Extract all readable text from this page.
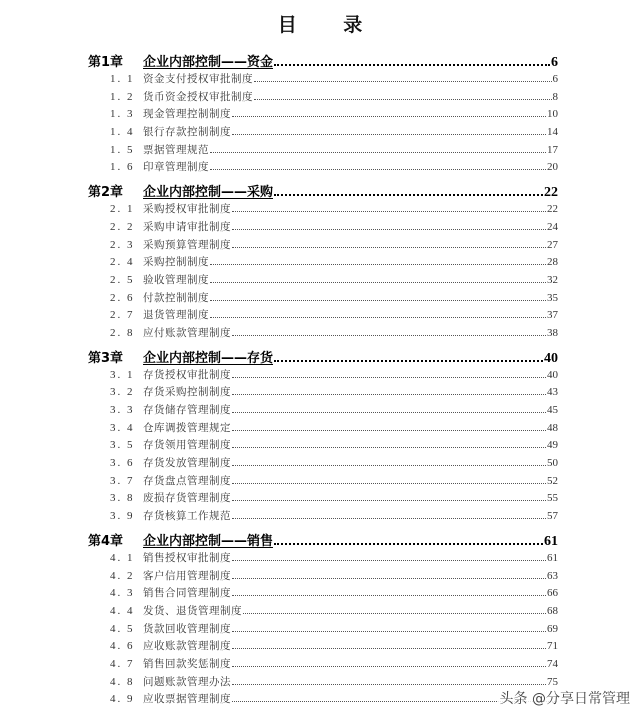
目 录
第1章	企业内部控制——资金	6
1. 1 资金支付授权审批制度	6
1. 2 货币资金授权审批制度	8
1. 3 现金管理控制制度	10
1. 4 银行存款控制制度	14
1. 5 票据管理规范	17
1. 6 印章管理制度	20
第2章	企业内部控制——采购	22
2. 1 采购授权审批制度	22
2. 2 采购申请审批制度	24
2. 3 采购预算管理制度	27
2. 4 采购控制制度	28
2. 5 验收管理制度	32
2. 6 付款控制制度	35
2. 7 退货管理制度	37
2. 8 应付账款管理制度	38
第3章	企业内部控制——存货	40
3. 1 存货授权审批制度	40
3. 2 存货采购控制制度	43
3. 3 存货储存管理制度	45
3. 4 仓库调拨管理规定	48
3. 5 存货领用管理制度	49
3. 6 存货发放管理制度	50
3. 7 存货盘点管理制度	52
3. 8 废损存货管理制度	55
3. 9 存货核算工作规范	57
第4章	企业内部控制——销售	61
4. 1 销售授权审批制度	61
4. 2 客户信用管理制度	63
4. 3 销售合同管理制度	66
4. 4 发货、退货管理制度	68
4. 5 货款回收管理制度	69
4. 6 应收账款管理制度	71
4. 7 销售回款奖惩制度	74
4. 8 问题账款管理办法	75
4. 9 应收票据管理制度	头条 @分享日常管理
